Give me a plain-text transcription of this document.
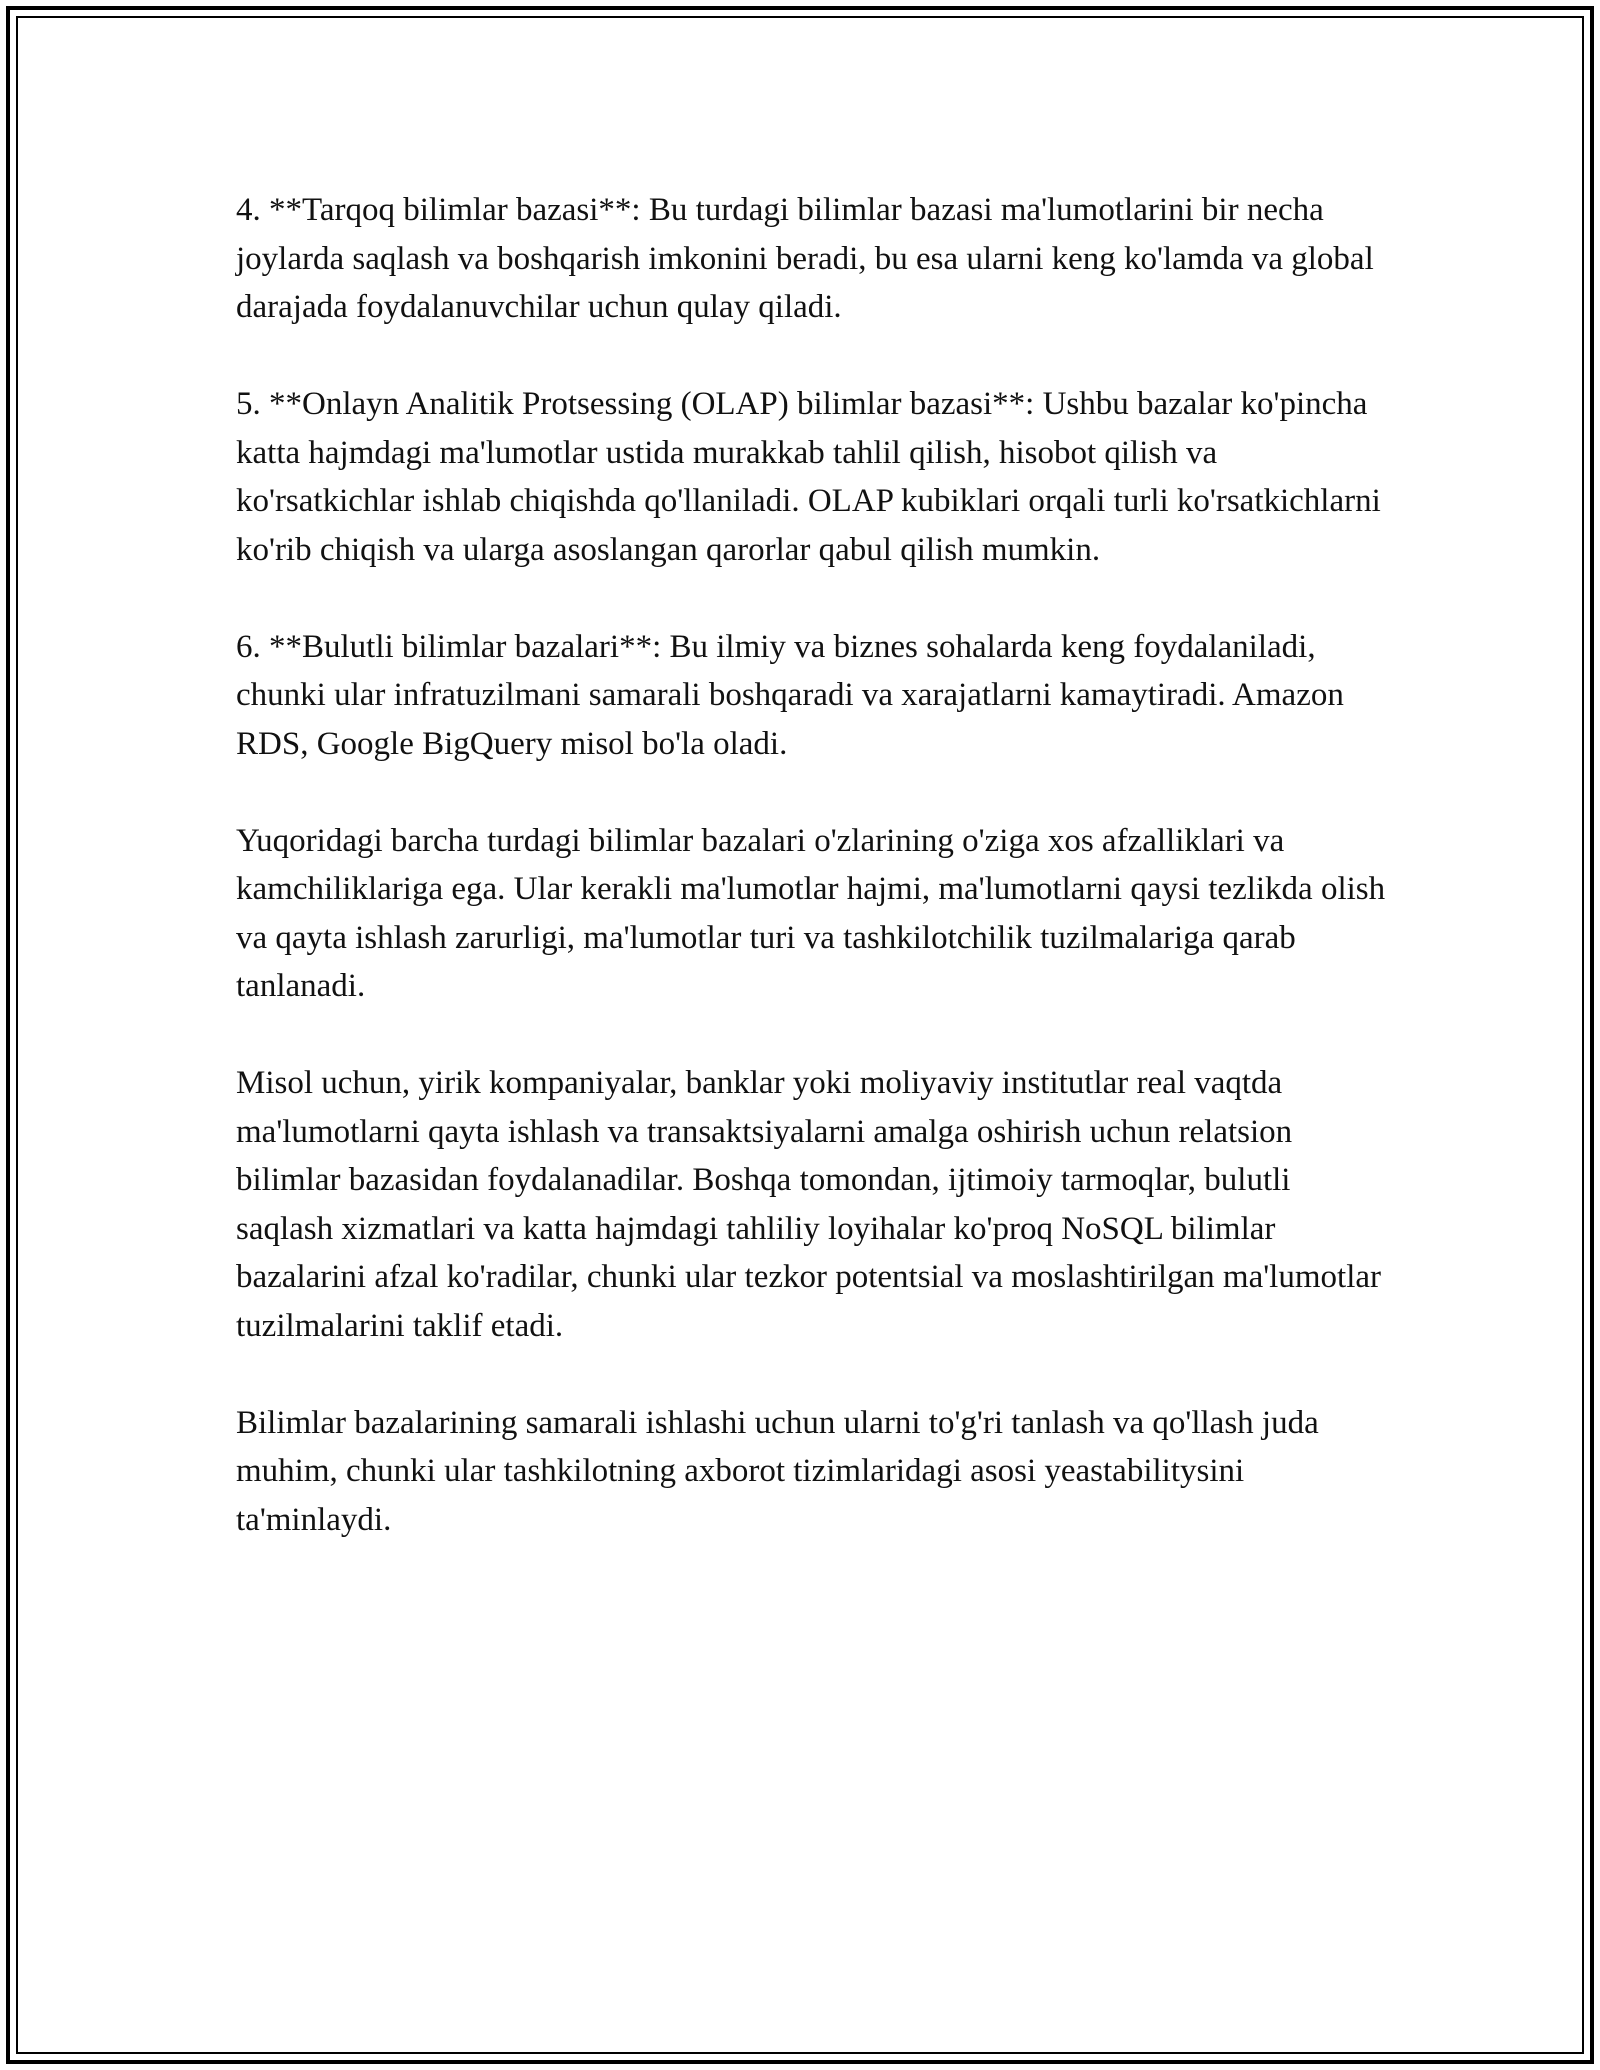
4. **Tarqoq bilimlar bazasi**: Bu turdagi bilimlar bazasi ma'lumotlarini bir necha joylarda saqlash va boshqarish imkonini beradi, bu esa ularni keng ko'lamda va global darajada foydalanuvchilar uchun qulay qiladi.

5. **Onlayn Analitik Protsessing (OLAP) bilimlar bazasi**: Ushbu bazalar ko'pincha katta hajmdagi ma'lumotlar ustida murakkab tahlil qilish, hisobot qilish va ko'rsatkichlar ishlab chiqishda qo'llaniladi. OLAP kubiklari orqali turli ko'rsatkichlarni ko'rib chiqish va ularga asoslangan qarorlar qabul qilish mumkin.

6. **Bulutli bilimlar bazalari**: Bu ilmiy va biznes sohalarda keng foydalaniladi, chunki ular infratuzilmani samarali boshqaradi va xarajatlarni kamaytiradi. Amazon RDS, Google BigQuery misol bo'la oladi.

Yuqoridagi barcha turdagi bilimlar bazalari o'zlarining o'ziga xos afzalliklari va kamchiliklariga ega. Ular kerakli ma'lumotlar hajmi, ma'lumotlarni qaysi tezlikda olish va qayta ishlash zarurligi, ma'lumotlar turi va tashkilotchilik tuzilmalariga qarab tanlanadi.

Misol uchun, yirik kompaniyalar, banklar yoki moliyaviy institutlar real vaqtda ma'lumotlarni qayta ishlash va transaktsiyalarni amalga oshirish uchun relatsion bilimlar bazasidan foydalanadilar. Boshqa tomondan, ijtimoiy tarmoqlar, bulutli saqlash xizmatlari va katta hajmdagi tahliliy loyihalar ko'proq NoSQL bilimlar bazalarini afzal ko'radilar, chunki ular tezkor potentsial va moslashtirilgan ma'lumotlar tuzilmalarini taklif etadi.

Bilimlar bazalarining samarali ishlashi uchun ularni to'g'ri tanlash va qo'llash juda muhim, chunki ular tashkilotning axborot tizimlaridagi asosi yeastabilitysini ta'minlaydi.
